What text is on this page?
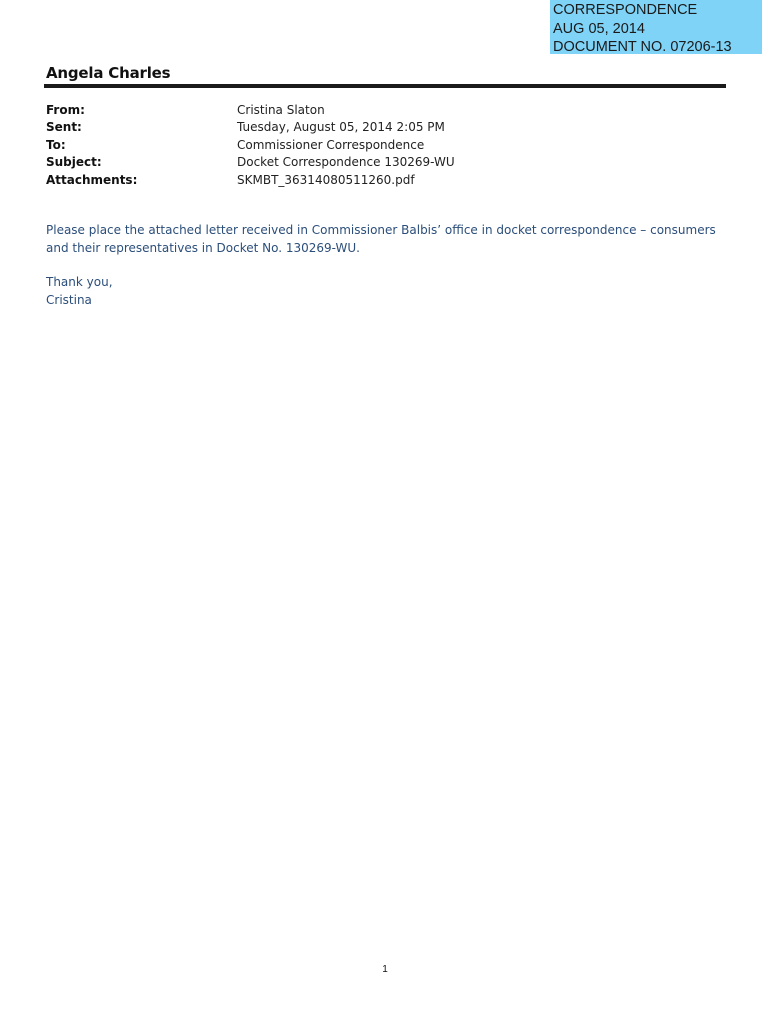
CORRESPONDENCE
AUG 05, 2014
DOCUMENT NO. 07206-13
Angela Charles
From:	Cristina Slaton
Sent:	Tuesday, August 05, 2014 2:05 PM
To:	Commissioner Correspondence
Subject:	Docket Correspondence 130269-WU
Attachments:	SKMBT_36314080511260.pdf

Please place the attached letter received in Commissioner Balbis’ office in docket correspondence – consumers and their representatives in Docket No. 130269-WU.

Thank you,
Cristina
1
